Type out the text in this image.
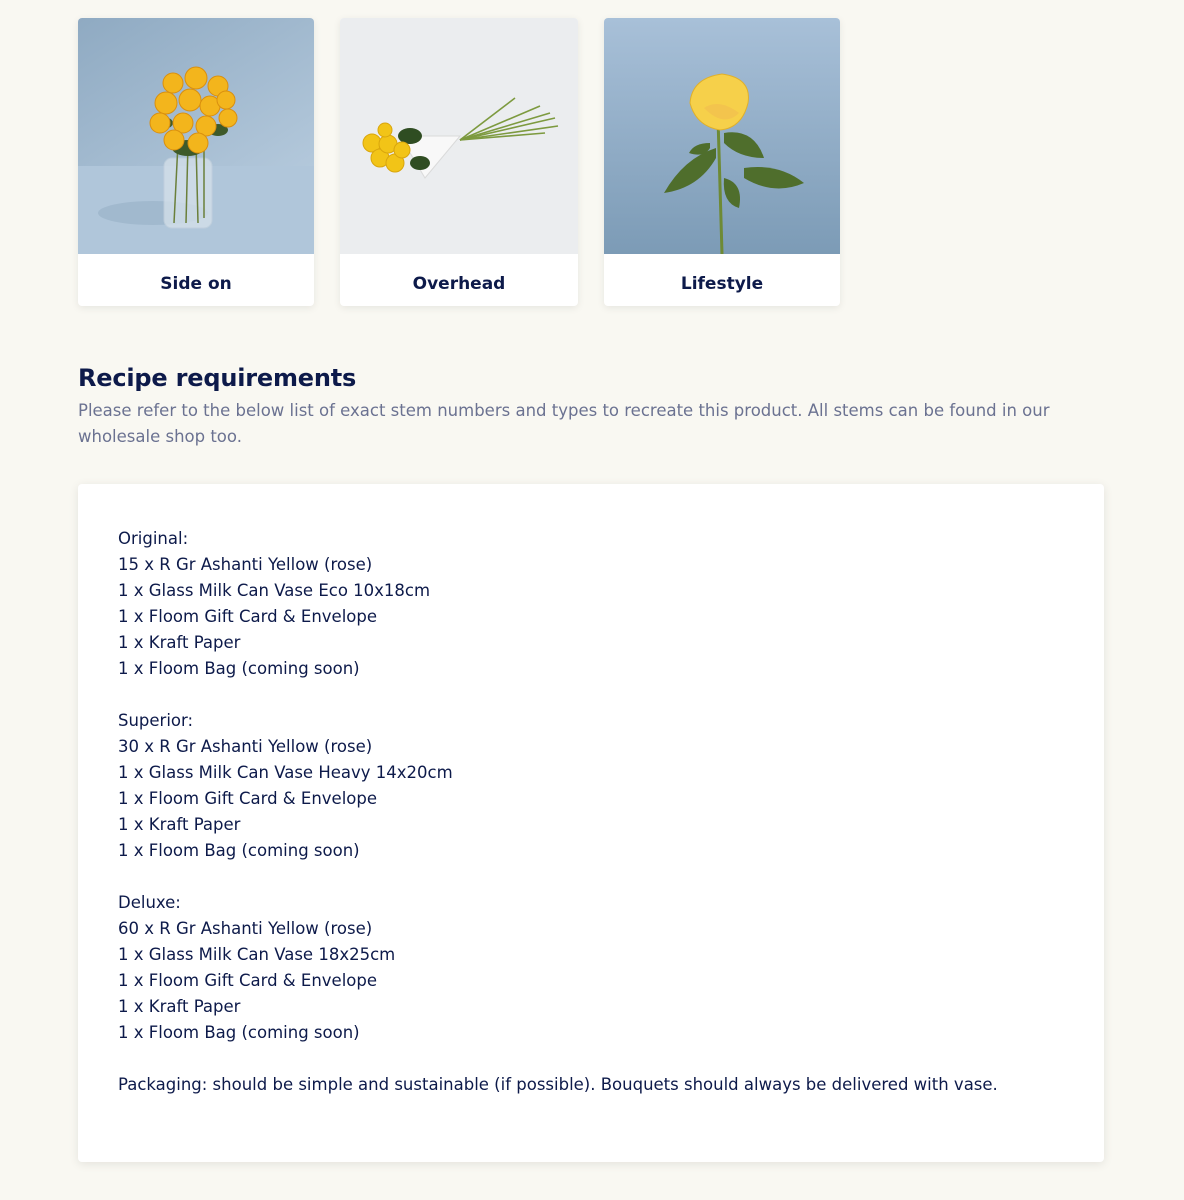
Side on	Overhead	Lifestyle
Recipe requirements

Please refer to the below list of exact stem numbers and types to recreate this product. All stems can be found in our wholesale shop too.

Original:
15 x R Gr Ashanti Yellow (rose)
1 x Glass Milk Can Vase Eco 10x18cm
1 x Floom Gift Card & Envelope
1 x Kraft Paper
1 x Floom Bag (coming soon)
Superior:
30 x R Gr Ashanti Yellow (rose)
1 x Glass Milk Can Vase Heavy 14x20cm
1 x Floom Gift Card & Envelope
1 x Kraft Paper
1 x Floom Bag (coming soon)
Deluxe:
60 x R Gr Ashanti Yellow (rose)
1 x Glass Milk Can Vase 18x25cm
1 x Floom Gift Card & Envelope
1 x Kraft Paper
1 x Floom Bag (coming soon)
Packaging: should be simple and sustainable (if possible). Bouquets should always be delivered with vase.
